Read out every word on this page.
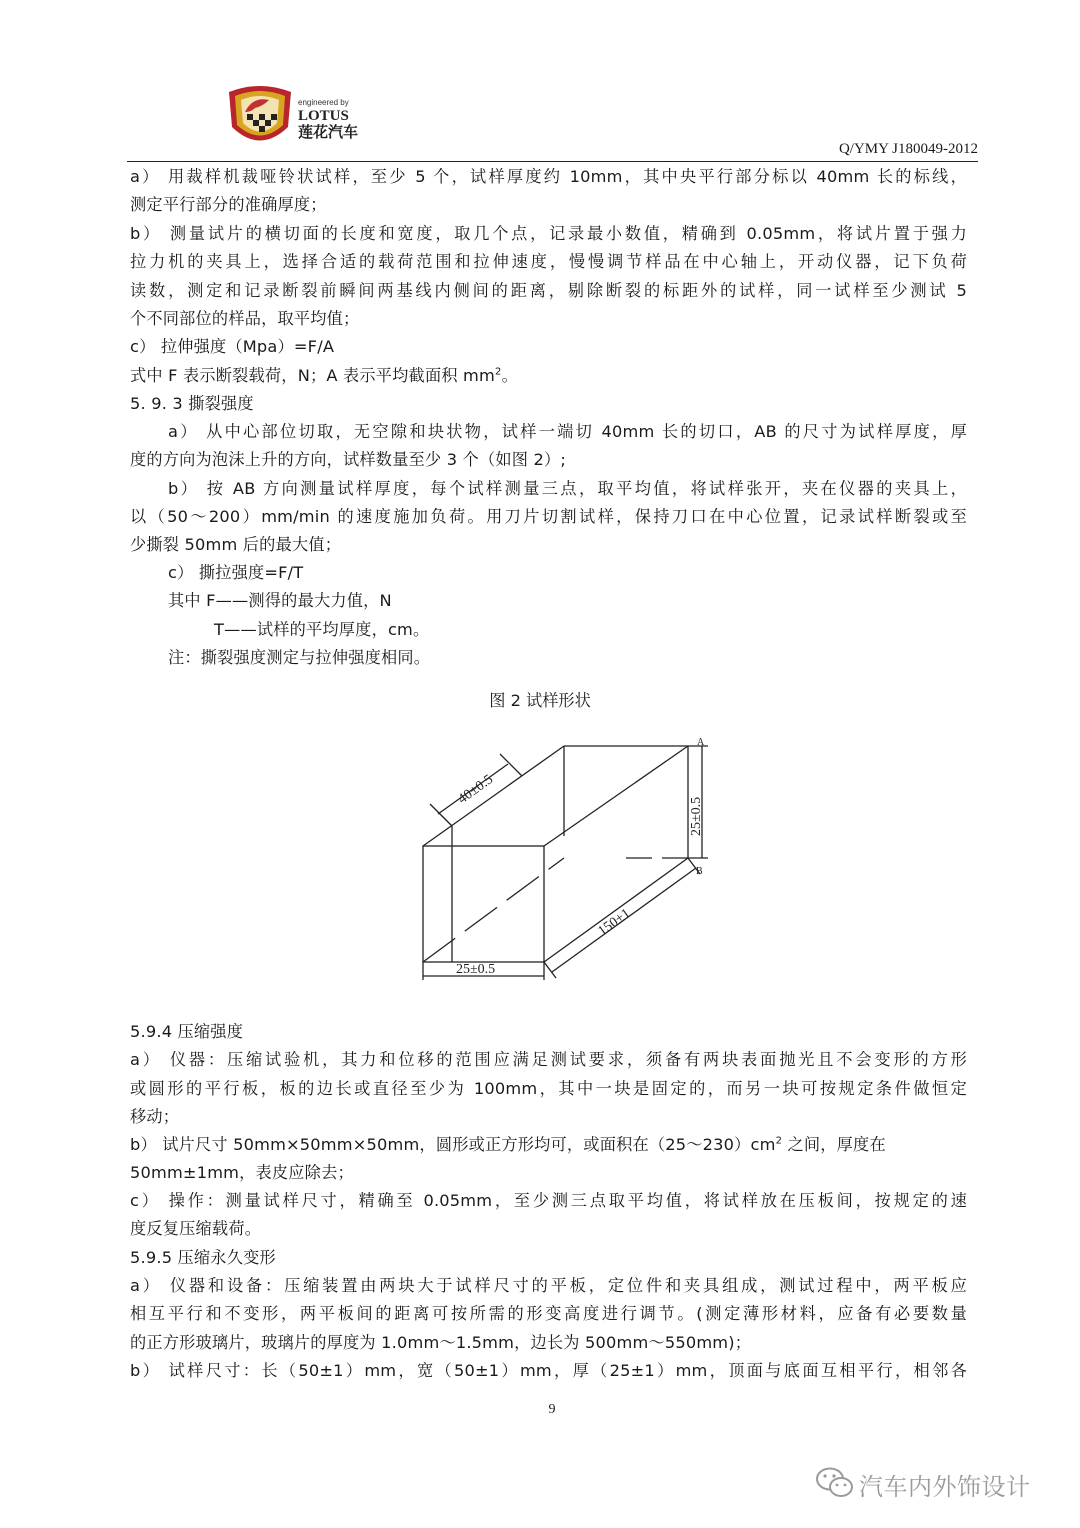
engineered by
LOTUS
莲花汽车
Q/YMY J180049-2012
a） 用裁样机裁哑铃状试样，至少 5 个，试样厚度约 10mm，其中央平行部分标以 40mm 长的标线，
测定平行部分的准确厚度；
b） 测量试片的横切面的长度和宽度，取几个点，记录最小数值，精确到 0.05mm，将试片置于强力
拉力机的夹具上，选择合适的载荷范围和拉伸速度，慢慢调节样品在中心轴上，开动仪器，记下负荷
读数，测定和记录断裂前瞬间两基线内侧间的距离，剔除断裂的标距外的试样，同一试样至少测试 5
个不同部位的样品，取平均值；
c） 拉伸强度（Mpa）=F/A
式中 F 表示断裂载荷，N；A 表示平均截面积 $mm^2$。
5. 9. 3 撕裂强度
a） 从中心部位切取，无空隙和块状物，试样一端切 40mm 长的切口，AB 的尺寸为试样厚度，厚
度的方向为泡沫上升的方向，试样数量至少 3 个（如图 2）;
b） 按 AB 方向测量试样厚度，每个试样测量三点，取平均值，将试样张开，夹在仪器的夹具上，
以（50～200）mm/min 的速度施加负荷。用刀片切割试样，保持刀口在中心位置，记录试样断裂或至
少撕裂 50mm 后的最大值；
c） 撕拉强度=F/T
其中 F——测得的最大力值，N
T——试样的平均厚度，cm。
注：撕裂强度测定与拉伸强度相同。
图 2 试样形状
A
B
40±0.5
25±0.5
25±0.5
150±1
5.9.4 压缩强度
a） 仪器：压缩试验机，其力和位移的范围应满足测试要求，须备有两块表面抛光且不会变形的方形
或圆形的平行板，板的边长或直径至少为 100mm，其中一块是固定的，而另一块可按规定条件做恒定
移动；
b） 试片尺寸 50mm×50mm×50mm，圆形或正方形均可，或面积在$(25\sim 230)cm^2$ 之间，厚度在
50mm±1mm，表皮应除去；
c） 操作：测量试样尺寸，精确至 0.05mm，至少测三点取平均值，将试样放在压板间，按规定的速
度反复压缩载荷。
5.9.5 压缩永久变形
a） 仪器和设备：压缩装置由两块大于试样尺寸的平板，定位件和夹具组成，测试过程中，两平板应
相互平行和不变形，两平板间的距离可按所需的形变高度进行调节。(测定薄形材料，应备有必要数量
的正方形玻璃片，玻璃片的厚度为 1.0mm～1.5mm，边长为 500mm～550mm)；
b） 试样尺寸：长（50±1）mm，宽（50±1）mm，厚（25±1）mm，顶面与底面互相平行，相邻各
9
汽车内外饰设计
